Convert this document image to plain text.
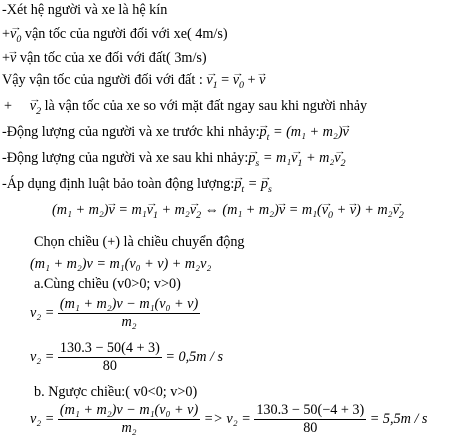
-Xét hệ người và xe là hệ kín
+→ $v_0$ vận tốc của người đối với xe( 4m/s)
+→ v vận tốc của xe đối với đất( 3m/s)
Vậy vận tốc của người đối với đất : → $v_1$ = → $v_0$ + → v
+     → $v_2$ là vận tốc của xe so với mặt đất ngay sau khi người nhảy
-Động lượng của người và xe trước khi nhảy:→ $p_t = (m_1 + m_2)\to v$
-Động lượng của người và xe sau khi nhảy:→ $p_s = m_1\to v_1 + m_2\to v_2$
-Áp dụng định luật bảo toàn động lượng:→ $p_t$ = → $p_s$
$(m_1 + m_2)\to v = m_1\to v_1 + m_2\to v_2$ ⇔ $(m_1 + m_2)\to v = m_1(\to v_0$ + → $v) + m_2\to v_2$
Chọn chiều (+) là chiều chuyển động
(m₁ + m₂)v = m₁(v₀ + v) + m₂v₂
a.Cùng chiều (v0>0; v>0)
$v_2 = \frac{\text{(m₁ + m₂)v − m₁(v₀ + v)}}{\text{m₂}}$
$v_2 = \frac{130.3 - 50(4 + 3)}{80} = 0,5m / s$
b. Ngược chiều:( v0<0; v>0)
$v_2 = \frac{\text{(m₁ + m₂)v − m₁(v₀ + v)}}{\text{m₂}} => v_2 = \frac{130.3 - 50(-4 + 3)}{80} = 5,5m / s$
